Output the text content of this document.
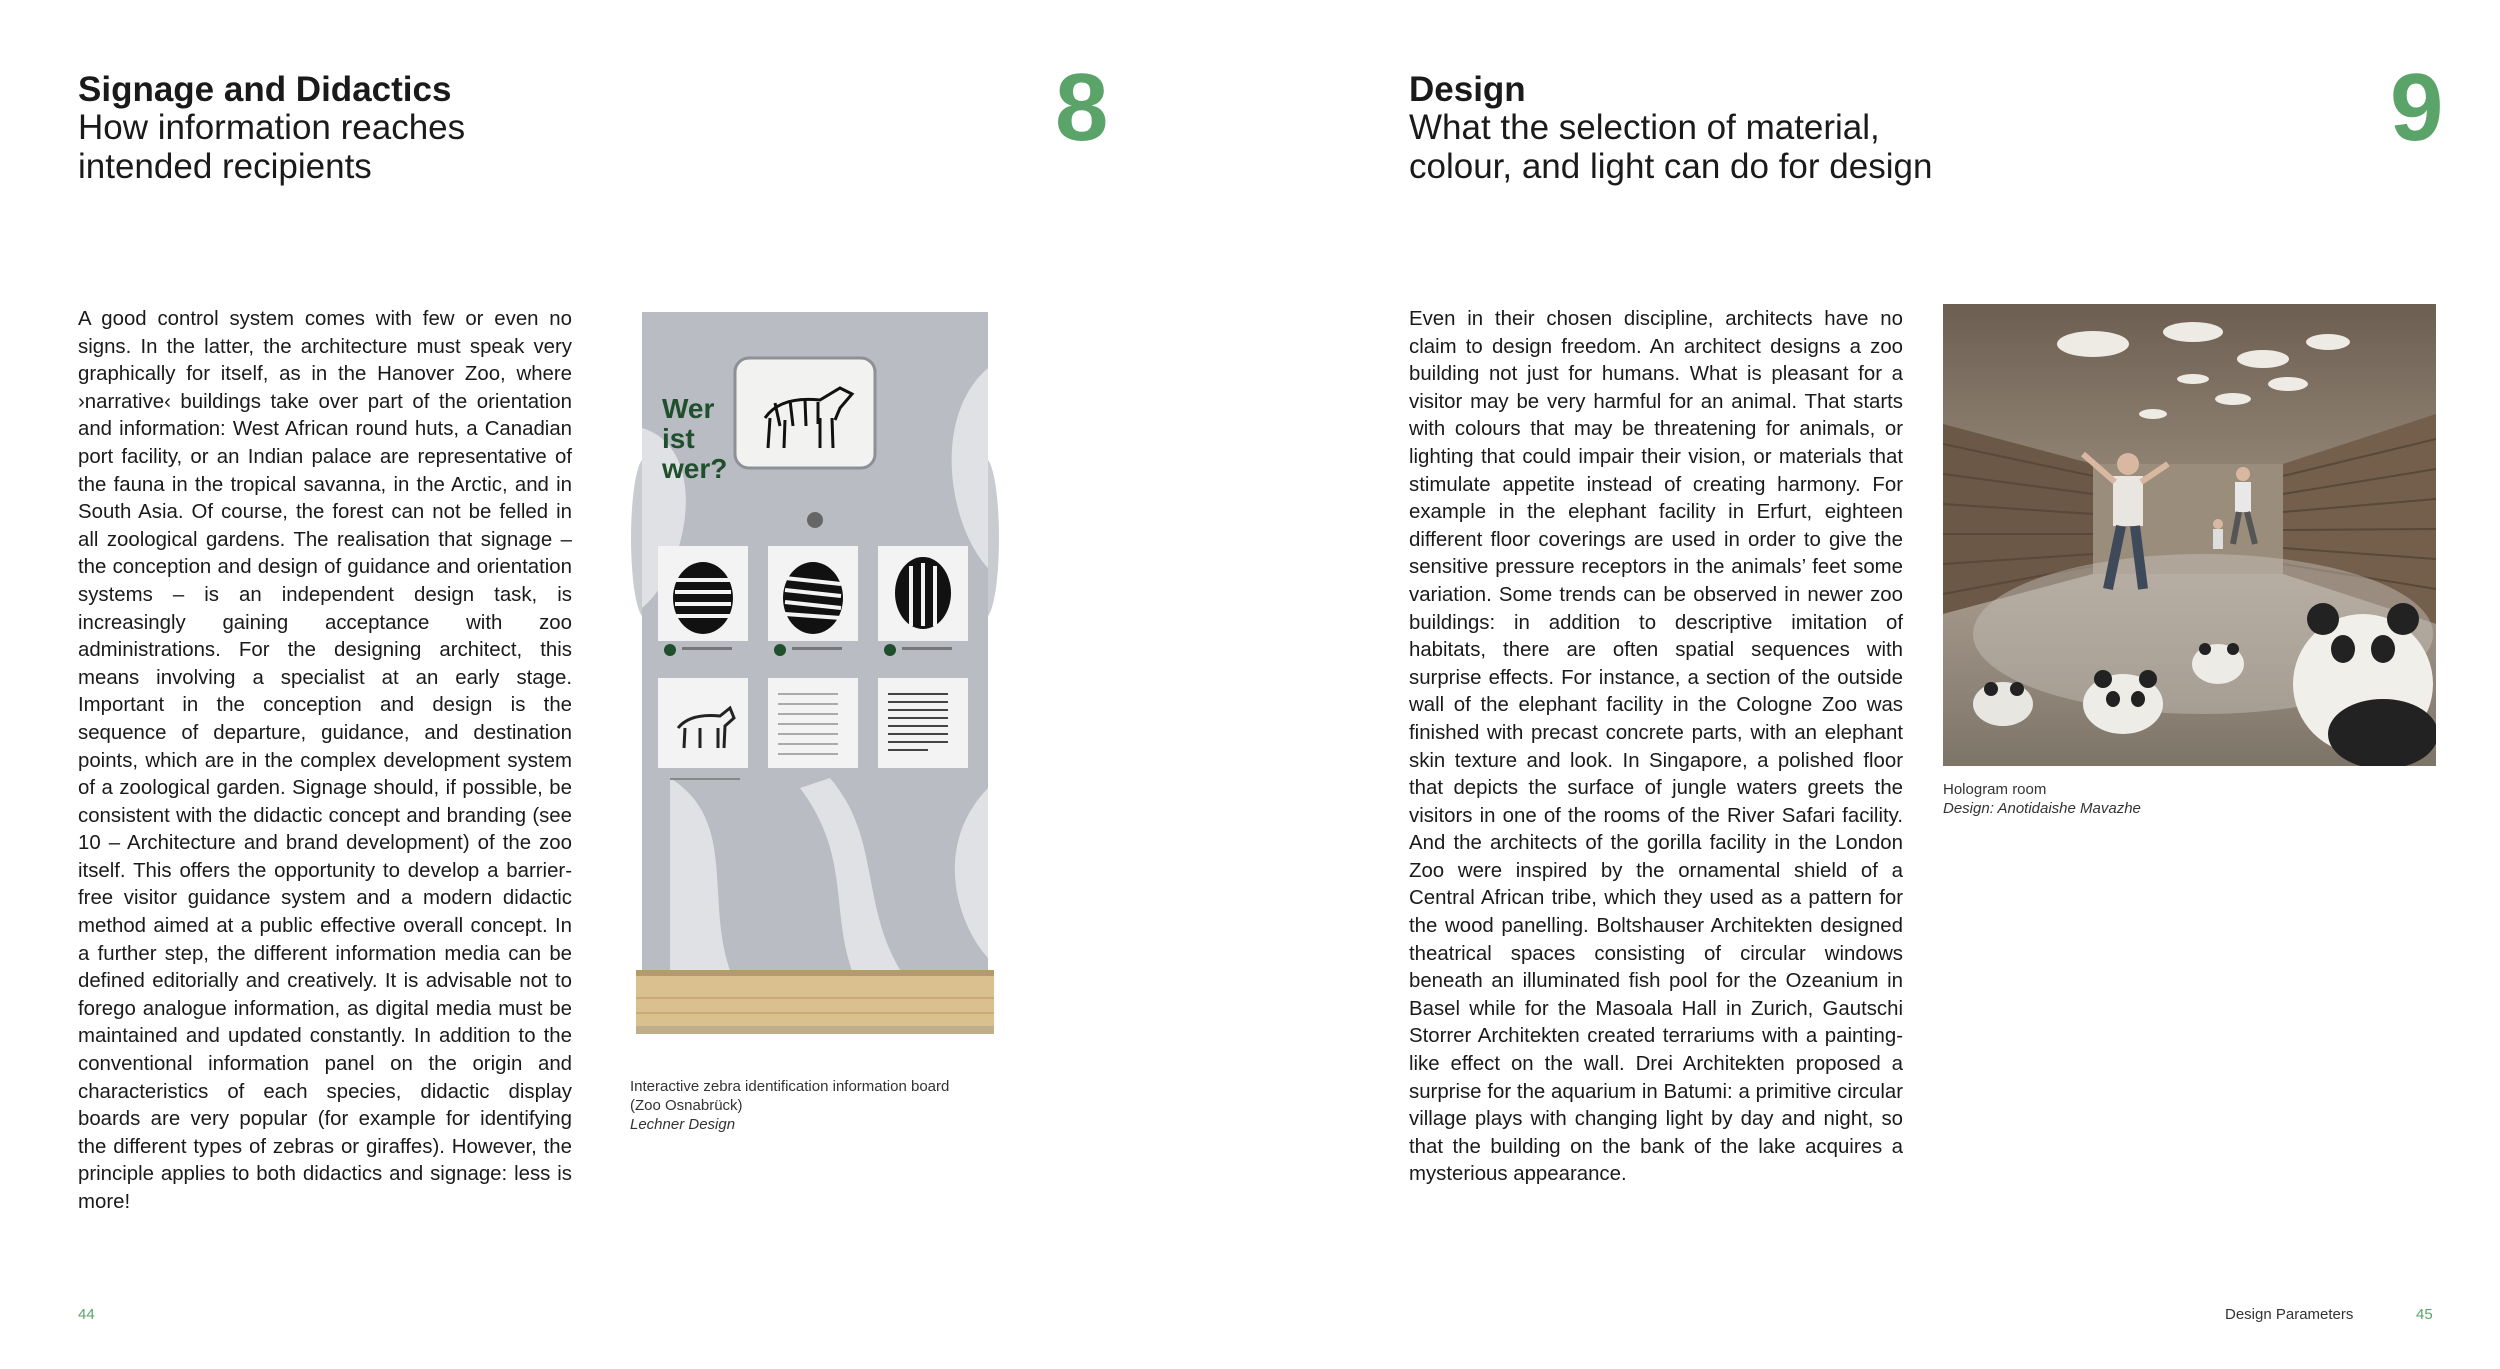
Signage and Didactics
How information reaches intended recipients
8
A good control system comes with few or even no signs. In the latter, the architecture must speak very graphically for itself, as in the Hanover Zoo, where ›narrative‹ buildings take over part of the orientation and information: West African round huts, a Canadian port facility, or an Indian palace are representative of the fauna in the tropical savanna, in the Arctic, and in South Asia. Of course, the forest can not be felled in all zoological gardens. The realisation that signage – the conception and design of guidance and orientation systems – is an independent design task, is increasingly gaining acceptance with zoo administrations. For the designing architect, this means involving a specialist at an early stage. Important in the conception and design is the sequence of departure, guidance, and destination points, which are in the complex development system of a zoological garden. Signage should, if possible, be consistent with the didactic concept and branding (see 10 – Architecture and brand development) of the zoo itself. This offers the opportunity to develop a barrier-free visitor guidance system and a modern didactic method aimed at a public effective overall concept. In a further step, the different information media can be defined editorially and creatively. It is advisable not to forego analogue information, as digital media must be maintained and updated constantly. In addition to the conventional information panel on the origin and characteristics of each species, didactic display boards are very popular (for example for identifying the different types of zebras or giraffes). However, the principle applies to both didactics and signage: less is more!
Wer ist wer?
Interactive zebra identification information board
(Zoo Osnabrück)
Lechner Design
44
Design
What the selection of material, colour, and light can do for design
9
Even in their chosen discipline, architects have no claim to design freedom. An architect designs a zoo building not just for humans. What is pleasant for a visitor may be very harmful for an animal. That starts with colours that may be threatening for animals, or lighting that could impair their vision, or materials that stimulate appetite instead of creating harmony. For example in the elephant facility in Erfurt, eighteen different floor coverings are used in order to give the sensitive pressure receptors in the animals’ feet some variation. Some trends can be observed in newer zoo buildings: in addition to descriptive imitation of habitats, there are often spatial sequences with surprise effects. For instance, a section of the outside wall of the elephant facility in the Cologne Zoo was finished with precast concrete parts, with an elephant skin texture and look. In Singapore, a polished floor that depicts the surface of jungle waters greets the visitors in one of the rooms of the River Safari facility. And the architects of the gorilla facility in the London Zoo were inspired by the ornamental shield of a Central African tribe, which they used as a pattern for the wood panelling. Boltshauser Architekten designed theatrical spaces consisting of circular windows beneath an illuminated fish pool for the Ozeanium in Basel while for the Masoala Hall in Zurich, Gautschi Storrer Architekten created terrariums with a painting-like effect on the wall. Drei Architekten proposed a surprise for the aquarium in Batumi: a primitive circular village plays with changing light by day and night, so that the building on the bank of the lake acquires a mysterious appearance.
Hologram room
Design: Anotidaishe Mavazhe
Design Parameters	45
